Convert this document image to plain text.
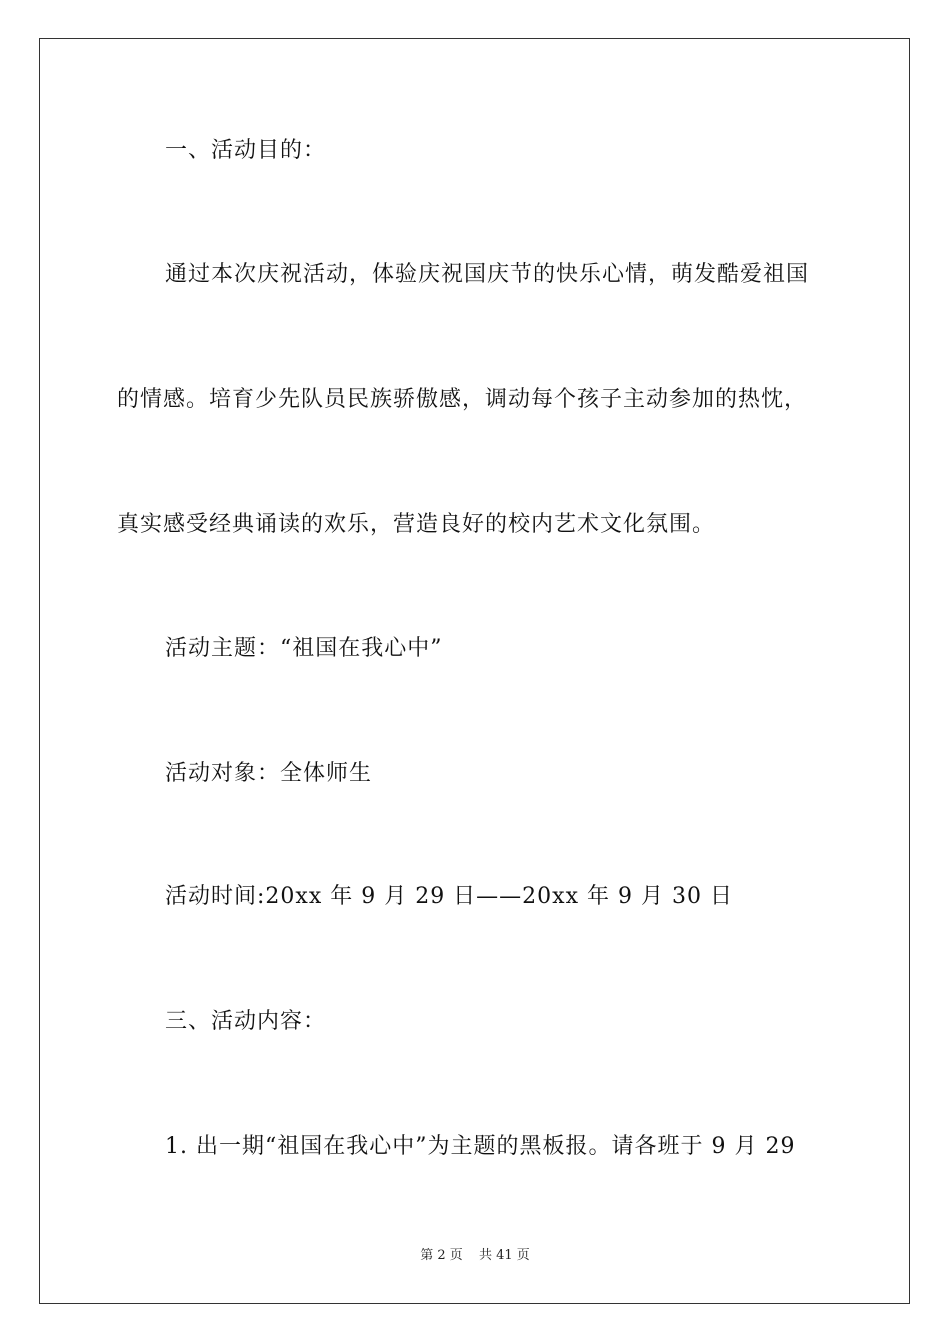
一、活动目的：
通过本次庆祝活动，体验庆祝国庆节的快乐心情，萌发酷爱祖国
的情感。培育少先队员民族骄傲感，调动每个孩子主动参加的热忱，
真实感受经典诵读的欢乐，营造良好的校内艺术文化氛围。
活动主题：“祖国在我心中”
活动对象：全体师生
活动时间:20xx 年 9 月 29 日——20xx 年 9 月 30 日
三、活动内容：
1. 出一期“祖国在我心中”为主题的黑板报。请各班于 9 月 29
第 2 页 共 41 页
